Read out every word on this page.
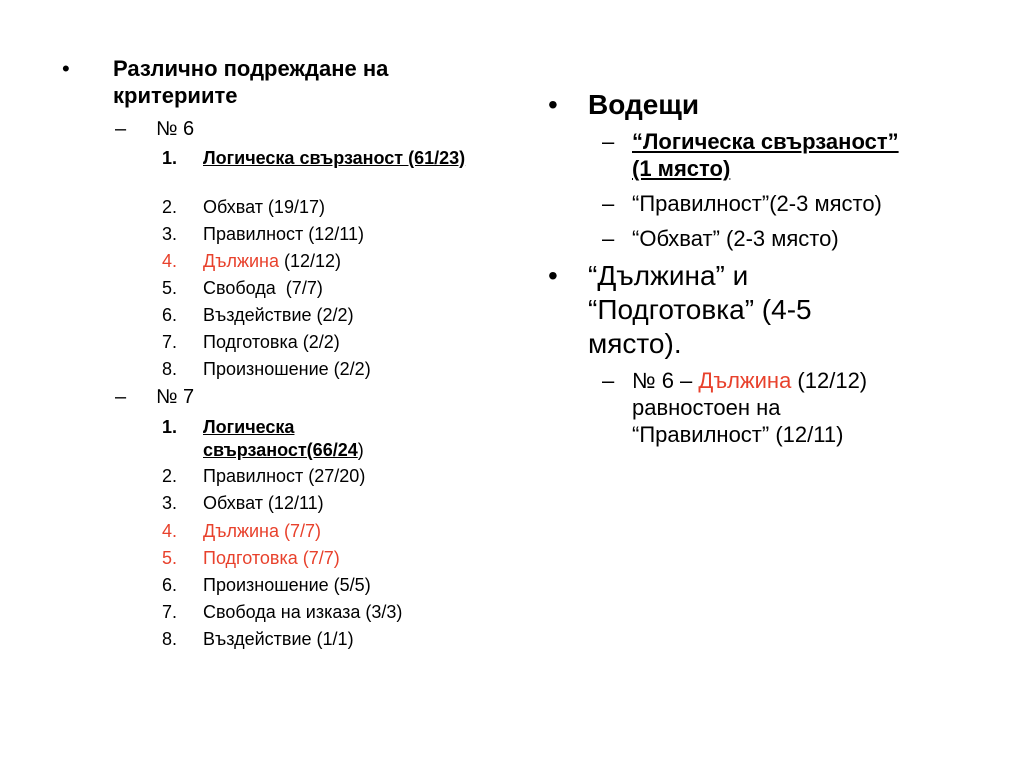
• Различно подреждане на критериите
– № 6
1. Логическа свързаност (61/23)
2. Обхват (19/17)
3. Правилност (12/11)
4. Дължина (12/12)
5. Свобода  (7/7)
6. Въздействие (2/2)
7. Подготовка (2/2)
8. Произношение (2/2)
– № 7
1. Логическа
свързаност(66/24)
2. Правилност (27/20)
3. Обхват (12/11)
4. Дължина (7/7)
5. Подготовка (7/7)
6. Произношение (5/5)
7. Свобода на изказа (3/3)
8. Въздействие (1/1)
• Водещи
– “Логическа свързаност”
(1 място)
– “Правилност”(2-3 място)
– “Обхват” (2-3 място)
• “Дължина” и
“Подготовка” (4-5
място).
– № 6 – Дължина (12/12)
равностоен на
“Правилност” (12/11)
